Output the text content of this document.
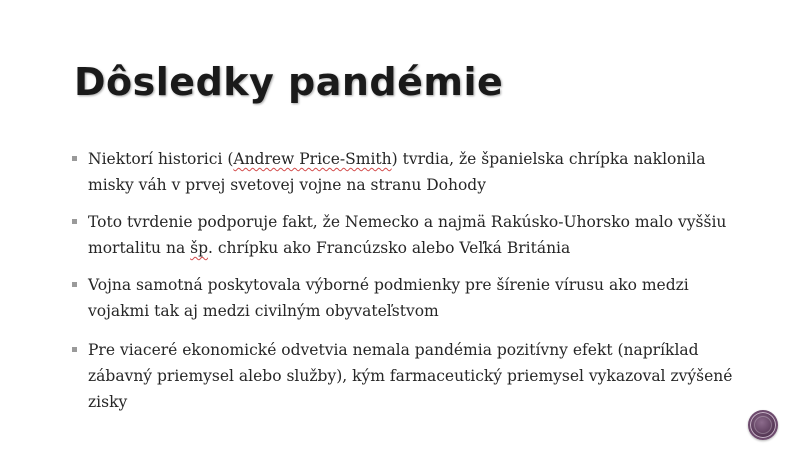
Dôsledky pandémie
Niektorí historici (Andrew Price-Smith) tvrdia, že španielska chrípka naklonila misky váh v prvej svetovej vojne na stranu Dohody
Toto tvrdenie podporuje fakt, že Nemecko a najmä Rakúsko-Uhorsko malo vyššiu mortalitu na šp. chrípku ako Francúzsko alebo Veľká Británia
Vojna samotná poskytovala výborné podmienky pre šírenie vírusu ako medzi vojakmi tak aj medzi civilným obyvateľstvom
Pre viaceré ekonomické odvetvia nemala pandémia pozitívny efekt (napríklad zábavný priemysel alebo služby), kým farmaceutický priemysel vykazoval zvýšené zisky
